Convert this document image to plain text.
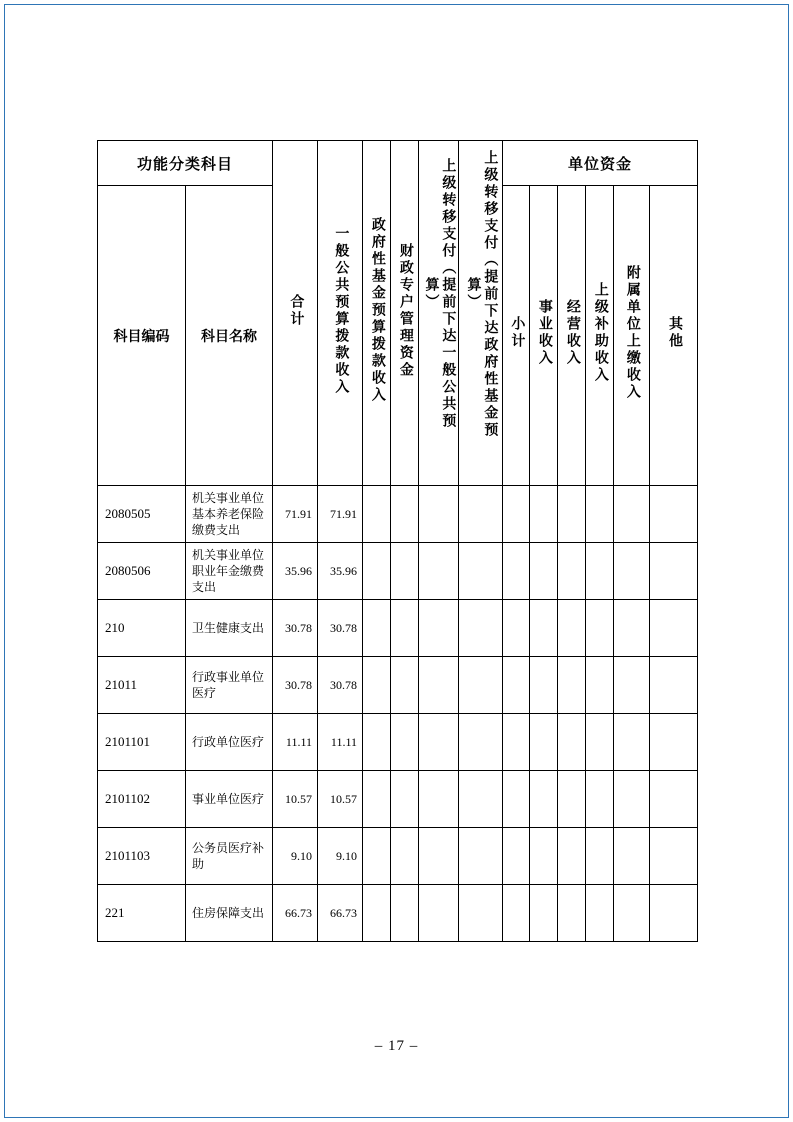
功能分类科目		合计	一般公共预算拨款收入	政府性基金预算拨款收入	财政专户管理资金	上级转移支付（提前下达一般公共预算）	上级转移支付（提前下达政府性基金预算）	单位资金					
科目编码	科目名称							小计	事业收入	经营收入	上级补助收入	附属单位上缴收入	其他
2080505	机关事业单位基本养老保险缴费支出	71.91	71.91										
2080506	机关事业单位职业年金缴费支出	35.96	35.96										
210	卫生健康支出	30.78	30.78										
21011	行政事业单位医疗	30.78	30.78										
2101101	行政单位医疗	11.11	11.11										
2101102	事业单位医疗	10.57	10.57										
2101103	公务员医疗补助	9.10	9.10										
221	住房保障支出	66.73	66.73										
– 17 –
